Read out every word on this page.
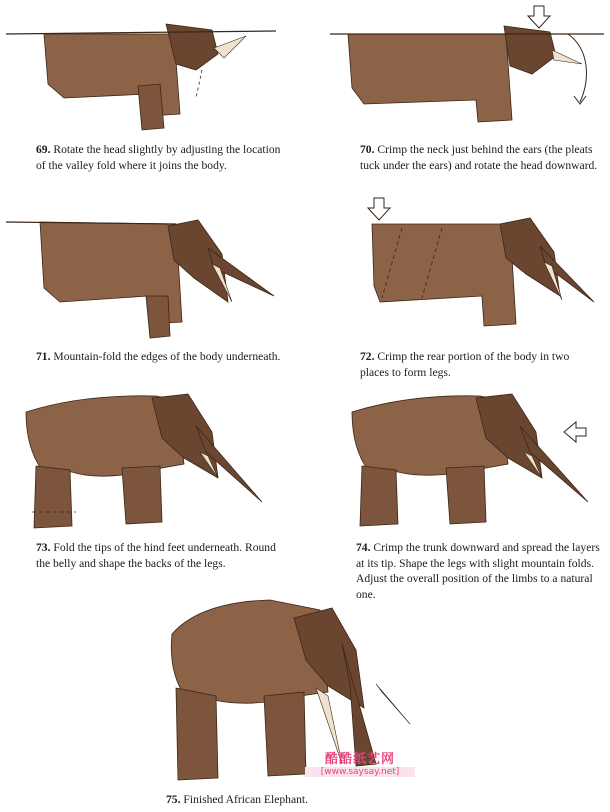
69. Rotate the head slightly by adjusting the location of the valley fold where it joins the body.

70. Crimp the neck just behind the ears (the pleats tuck under the ears) and rotate the head downward.

71. Mountain-fold the edges of the body underneath.	72. Crimp the rear portion of the body in two places to form legs.

73. Fold the tips of the hind feet underneath. Round the belly and shape the backs of the legs.

74. Crimp the trunk downward and spread the layers at its tip. Shape the legs with slight mountain folds. Adjust the overall position of the limbs to a natural one.

酷酷纸艺网
[www.saysay.net]

75. Finished African Elephant.
